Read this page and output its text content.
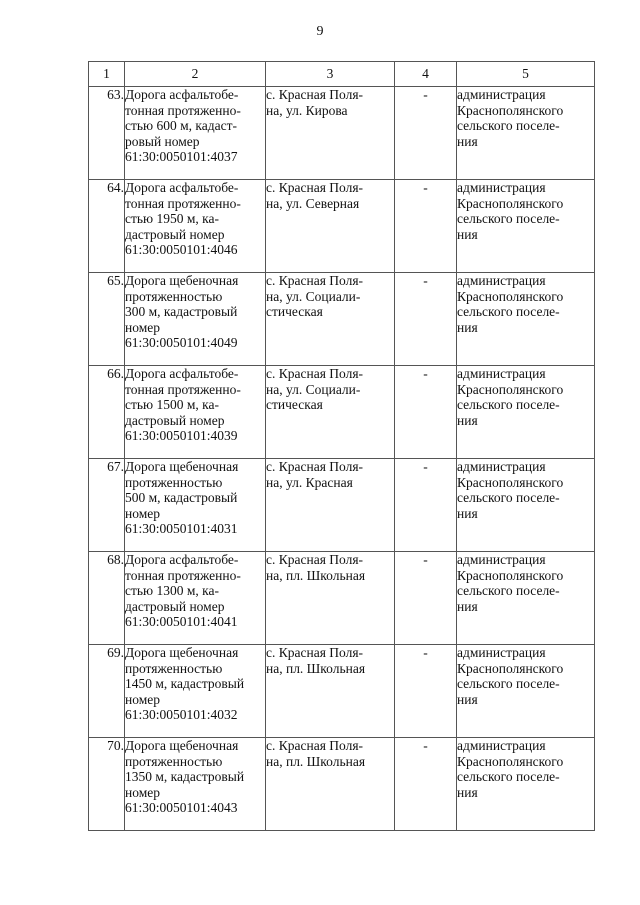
9
1	2	3	4	5
63.	Дорога асфальтобе-
тонная протяженно-
стью 600 м, кадаст-
ровый номер
61:30:0050101:4037	с. Красная Поля-
на, ул. Кирова	-	администрация
Краснополянского
сельского поселе-
ния
64.	Дорога асфальтобе-
тонная протяженно-
стью 1950 м, ка-
дастровый номер
61:30:0050101:4046	с. Красная Поля-
на, ул. Северная	-	администрация
Краснополянского
сельского поселе-
ния
65.	Дорога щебеночная
протяженностью
300 м, кадастровый
номер
61:30:0050101:4049	с. Красная Поля-
на, ул. Социали-
стическая	-	администрация
Краснополянского
сельского поселе-
ния
66.	Дорога асфальтобе-
тонная протяженно-
стью 1500 м, ка-
дастровый номер
61:30:0050101:4039	с. Красная Поля-
на, ул. Социали-
стическая	-	администрация
Краснополянского
сельского поселе-
ния
67.	Дорога щебеночная
протяженностью
500 м, кадастровый
номер
61:30:0050101:4031	с. Красная Поля-
на, ул. Красная	-	администрация
Краснополянского
сельского поселе-
ния
68.	Дорога асфальтобе-
тонная протяженно-
стью 1300 м, ка-
дастровый номер
61:30:0050101:4041	с. Красная Поля-
на, пл. Школьная	-	администрация
Краснополянского
сельского поселе-
ния
69.	Дорога щебеночная
протяженностью
1450 м, кадастровый
номер
61:30:0050101:4032	с. Красная Поля-
на, пл. Школьная	-	администрация
Краснополянского
сельского поселе-
ния
70.	Дорога щебеночная
протяженностью
1350 м, кадастровый
номер
61:30:0050101:4043	с. Красная Поля-
на, пл. Школьная	-	администрация
Краснополянского
сельского поселе-
ния
